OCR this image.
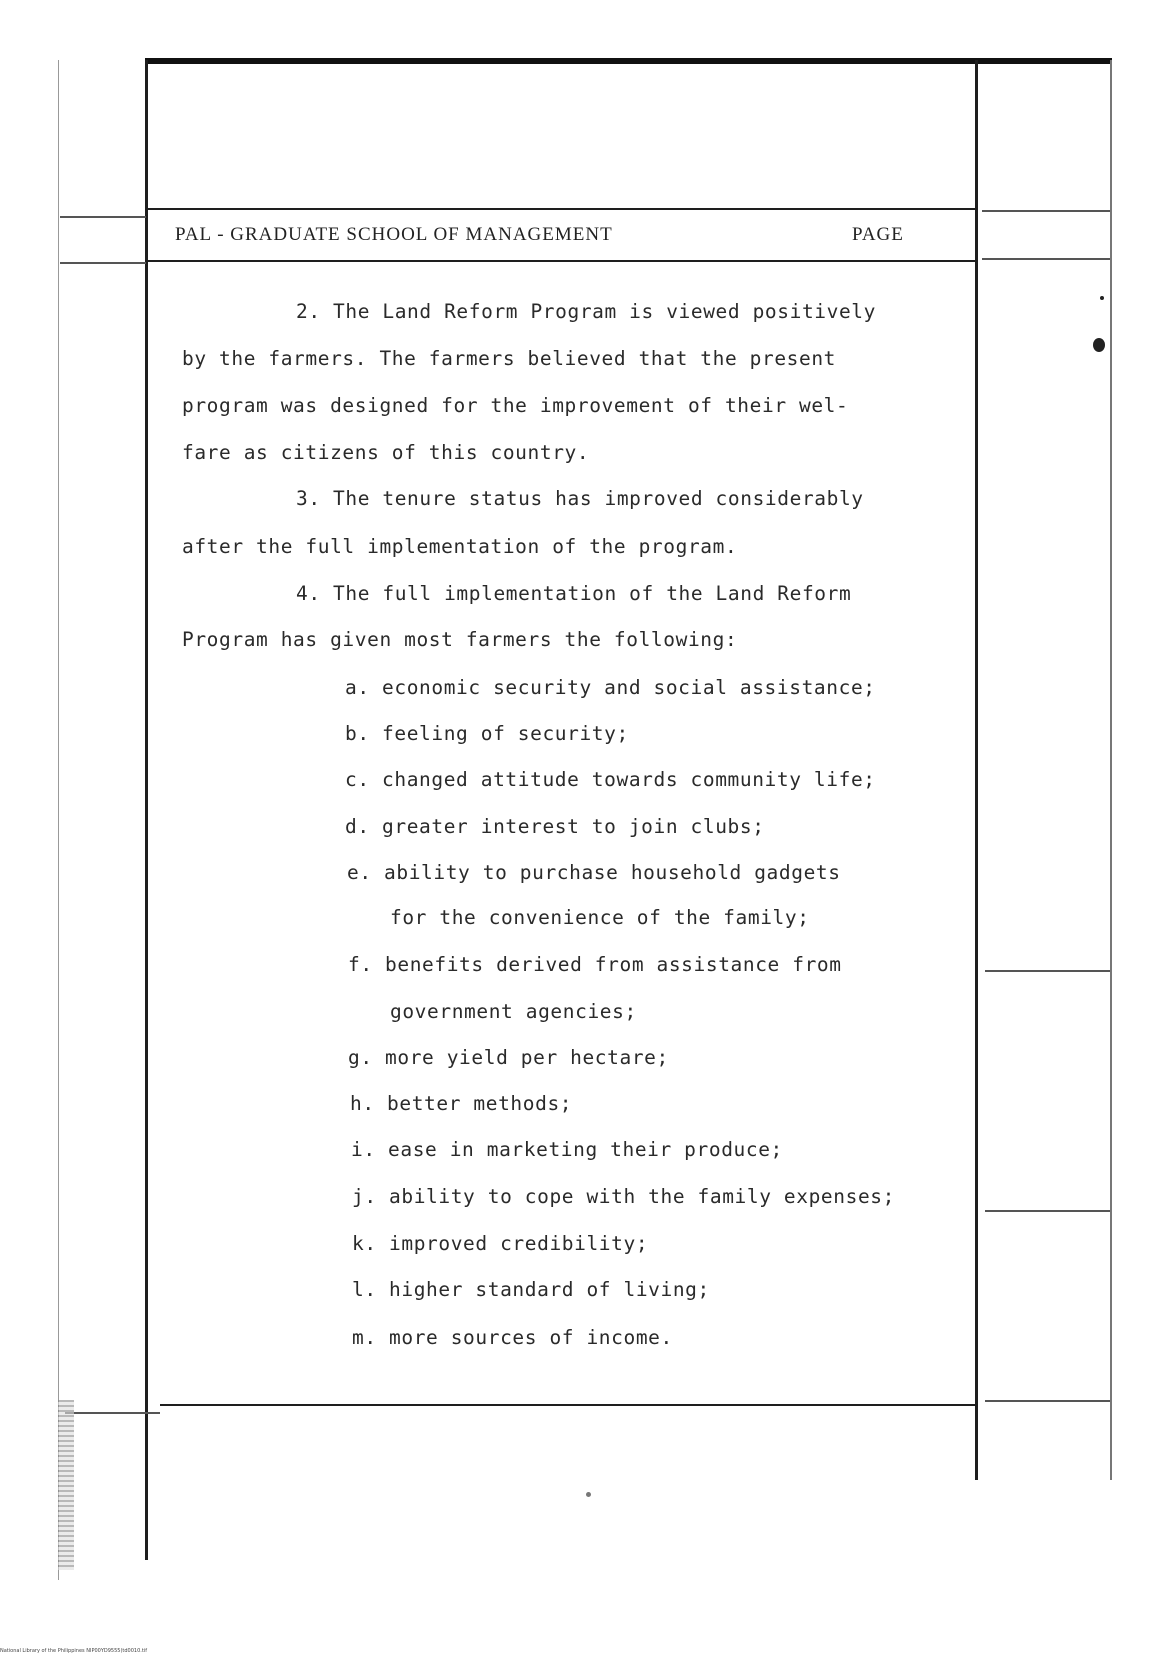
PAL - GRADUATE SCHOOL OF MANAGEMENT	PAGE
2. The Land Reform Program is viewed positively
by the farmers. The farmers believed that the present
program was designed for the improvement of their wel-
fare as citizens of this country.
3. The tenure status has improved considerably
after the full implementation of the program.
4. The full implementation of the Land Reform
Program has given most farmers the following:
a. economic security and social assistance;
b. feeling of security;
c. changed attitude towards community life;
d. greater interest to join clubs;
e. ability to purchase household gadgets
for the convenience of the family;
f. benefits derived from assistance from
government agencies;
g. more yield per hectare;
h. better methods;
i. ease in marketing their produce;
j. ability to cope with the family expenses;
k. improved credibility;
l. higher standard of living;
m. more sources of income.
National Library of the Philippines NIP00YD9555(td0010.tif
